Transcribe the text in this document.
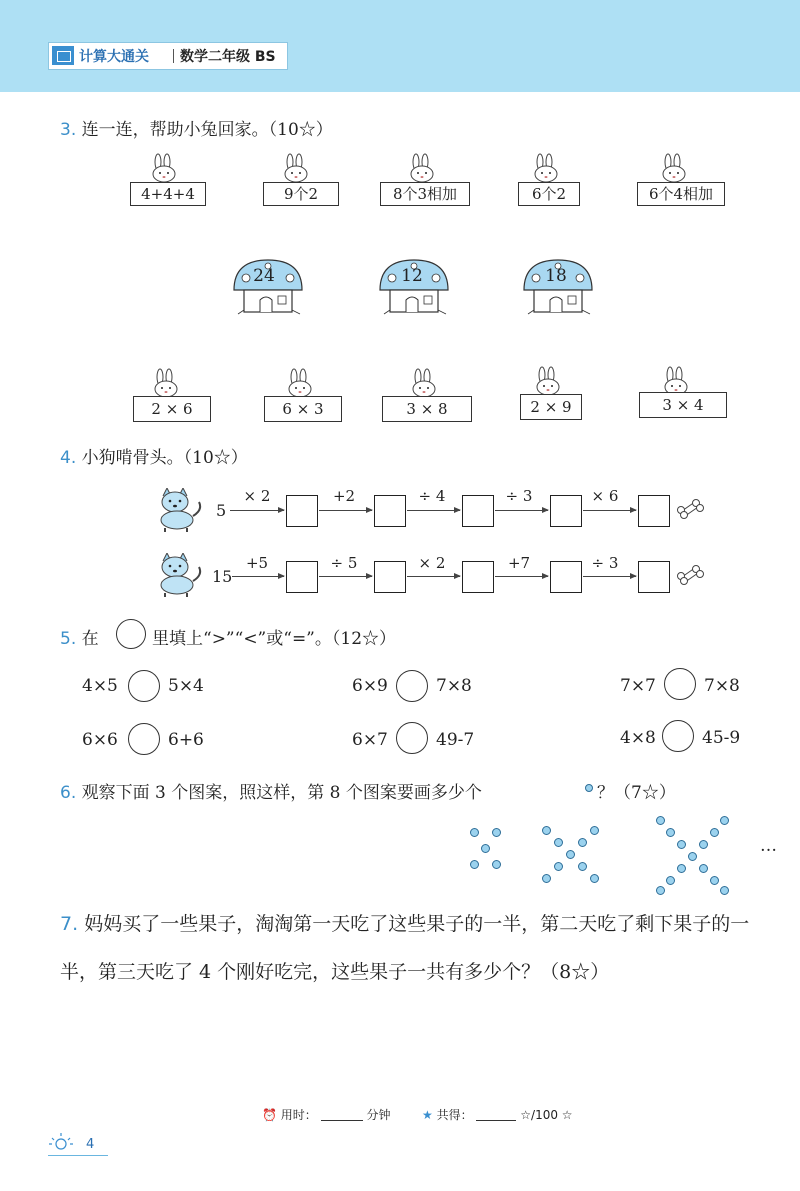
计算大通关 数学二年级 BS
3. 连一连，帮助小兔回家。（10☆）
4+4+4	9个2	8个3相加	6个2	6个4相加
24	12	18
2 × 6	6 × 3	3 × 8	2 × 9	3 × 4
4. 小狗啃骨头。（10☆）
5
× 2	+2	÷ 4	÷ 3	× 6
15
+5	÷ 5	× 2	+7	÷ 3
5. 在	里填上“>”“<”或“=”。（12☆）
4×5	5×4	6×9	7×8	7×7	7×8
6×6	6+6	6×7	49-7	4×8	45-9
6. 观察下面 3 个图案，照这样，第 8 个图案要画多少个	？（7☆）
…
7. 妈妈买了一些果子，淘淘第一天吃了这些果子的一半，第二天吃了剩下果子的一半，第三天吃了 4 个刚好吃完，这些果子一共有多少个？（8☆）
⏰ 用时：	分钟	★ 共得：	☆/100 ☆
4
